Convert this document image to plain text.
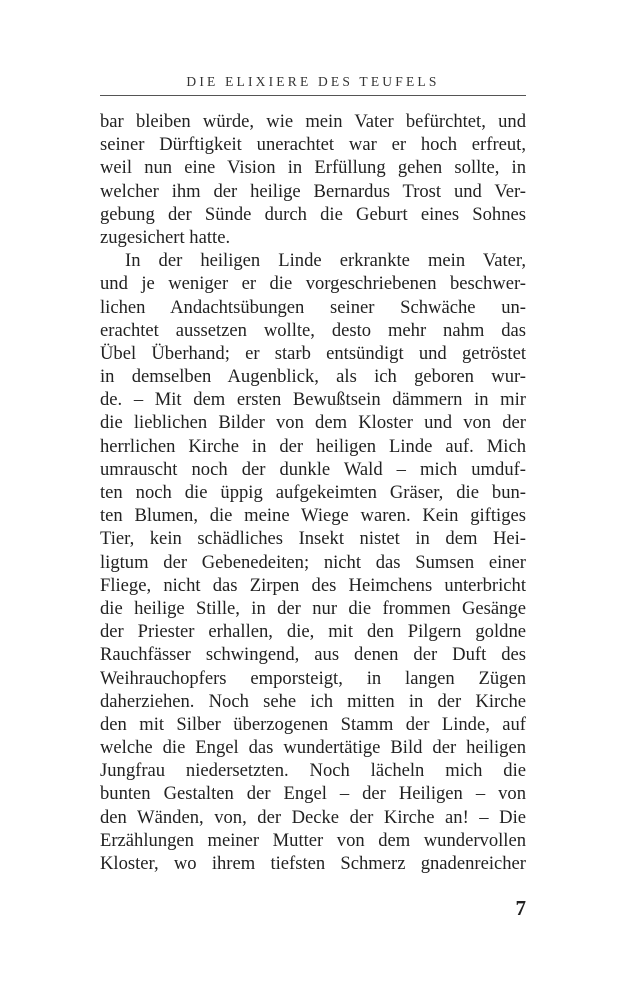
DIE ELIXIERE DES TEUFELS
bar bleiben würde, wie mein Vater befürchtet, und
seiner Dürftigkeit unerachtet war er hoch erfreut,
weil nun eine Vision in Erfüllung gehen sollte, in
welcher ihm der heilige Bernardus Trost und Ver-
gebung der Sünde durch die Geburt eines Sohnes
zugesichert hatte.
In der heiligen Linde erkrankte mein Vater,
und je weniger er die vorgeschriebenen beschwer-
lichen Andachtsübungen seiner Schwäche un-
erachtet aussetzen wollte, desto mehr nahm das
Übel Überhand; er starb entsündigt und getröstet
in demselben Augenblick, als ich geboren wur-
de. – Mit dem ersten Bewußtsein dämmern in mir
die lieblichen Bilder von dem Kloster und von der
herrlichen Kirche in der heiligen Linde auf. Mich
umrauscht noch der dunkle Wald – mich umduf-
ten noch die üppig aufgekeimten Gräser, die bun-
ten Blumen, die meine Wiege waren. Kein giftiges
Tier, kein schädliches Insekt nistet in dem Hei-
ligtum der Gebenedeiten; nicht das Sumsen einer
Fliege, nicht das Zirpen des Heimchens unterbricht
die heilige Stille, in der nur die frommen Gesänge
der Priester erhallen, die, mit den Pilgern goldne
Rauchfässer schwingend, aus denen der Duft des
Weihrauchopfers emporsteigt, in langen Zügen
daherziehen. Noch sehe ich mitten in der Kirche
den mit Silber überzogenen Stamm der Linde, auf
welche die Engel das wundertätige Bild der heiligen
Jungfrau niedersetzten. Noch lächeln mich die
bunten Gestalten der Engel – der Heiligen – von
den Wänden, von, der Decke der Kirche an! – Die
Erzählungen meiner Mutter von dem wundervollen
Kloster, wo ihrem tiefsten Schmerz gnadenreicher
7
